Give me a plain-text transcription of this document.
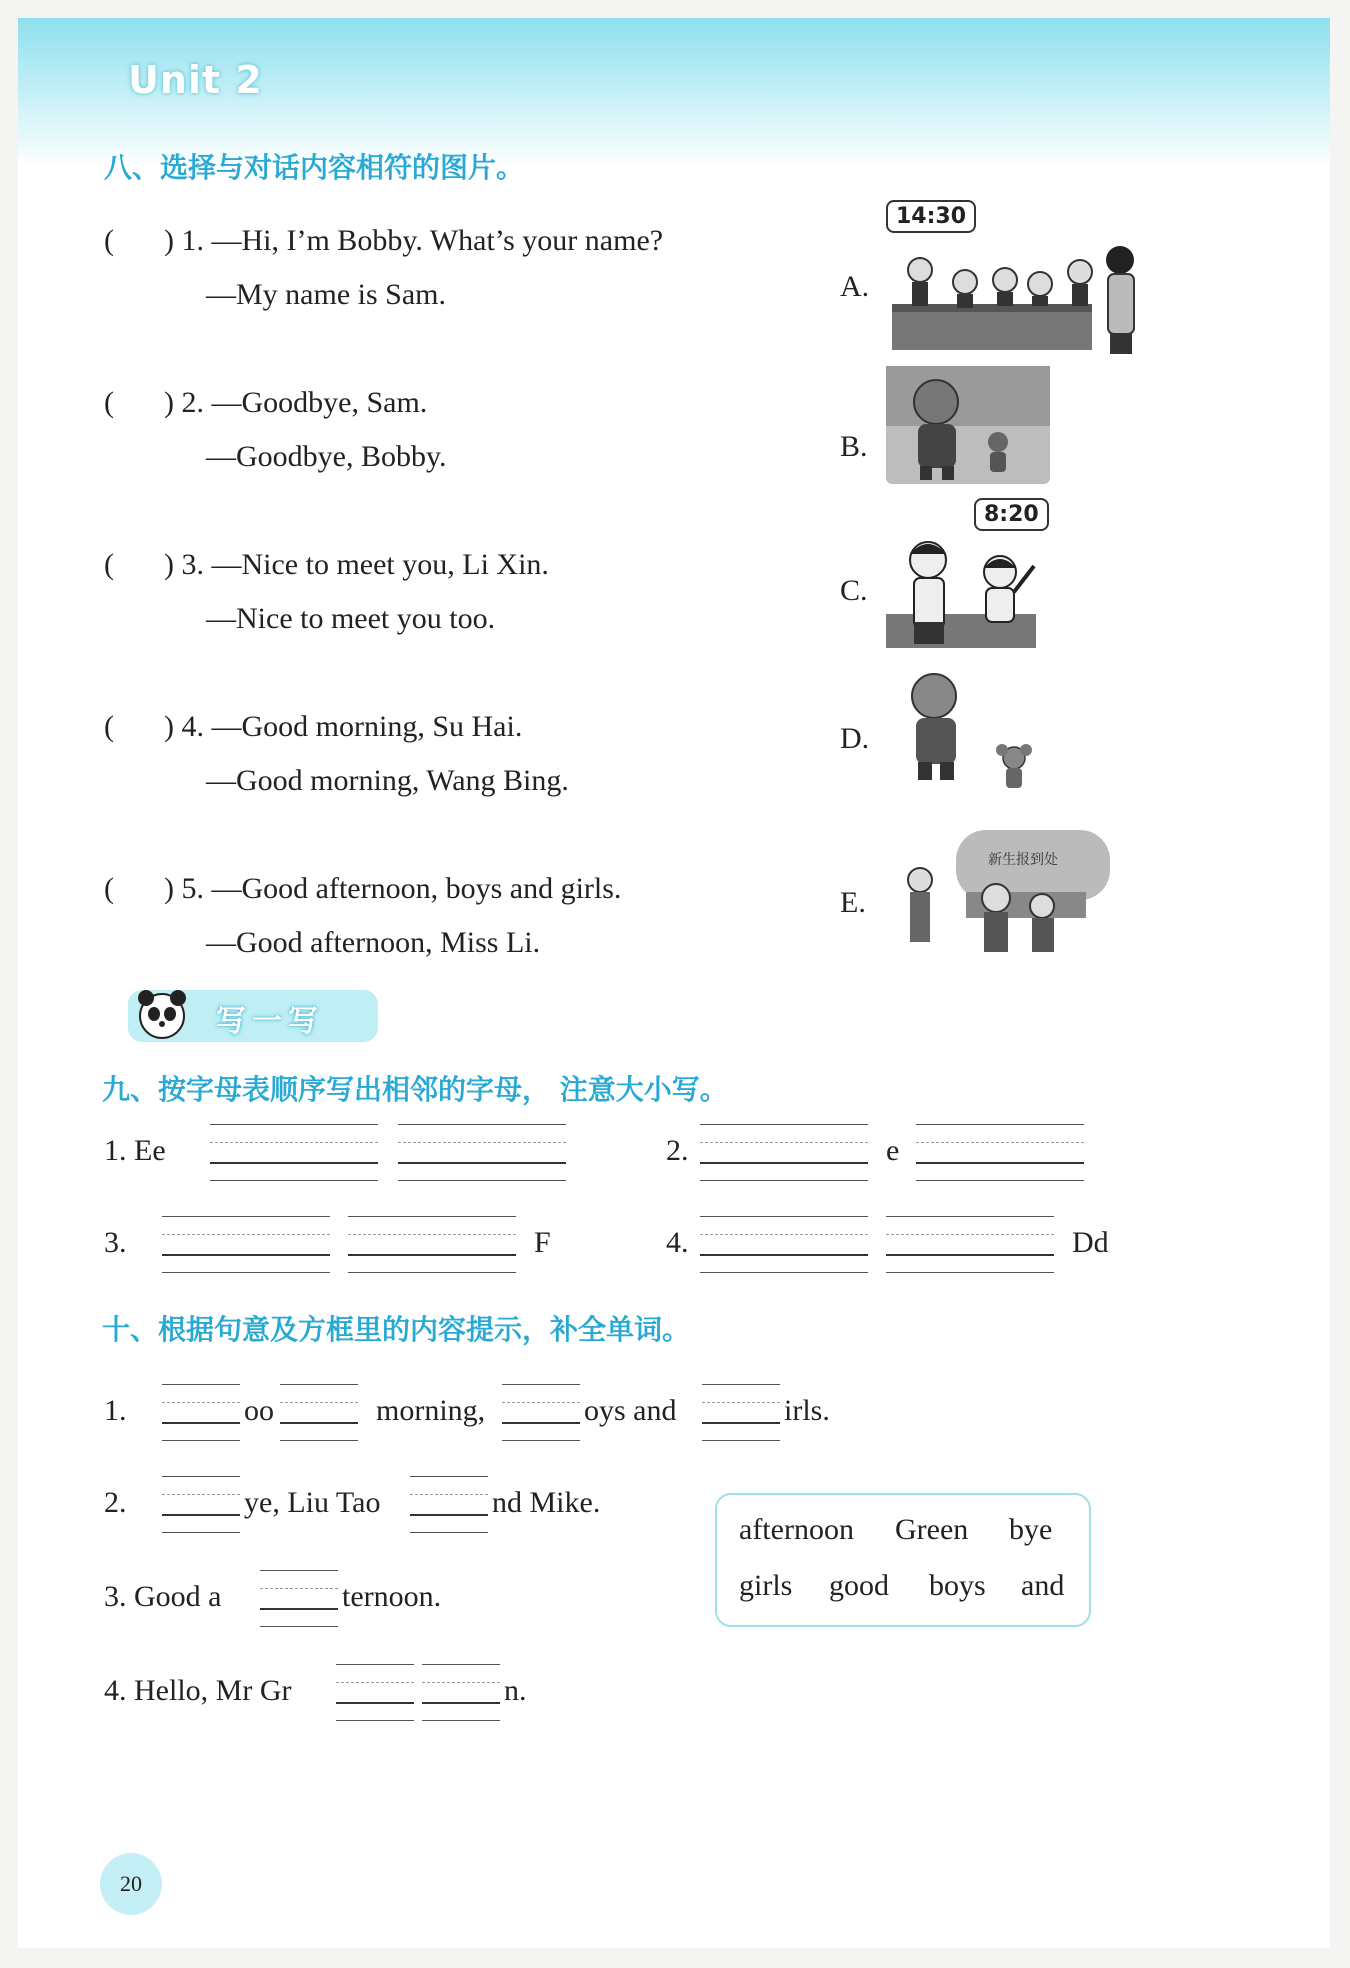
Unit 2
八、选择与对话内容相符的图片。
( ) 1. —Hi, I’m Bobby. What’s your name?
—My name is Sam.
( ) 2. —Goodbye, Sam.
—Goodbye, Bobby.
( ) 3. —Nice to meet you, Li Xin.
—Nice to meet you too.
( ) 4. —Good morning, Su Hai.
—Good morning, Wang Bing.
( ) 5. —Good afternoon, boys and girls.
—Good afternoon, Miss Li.
A.
14:30
B.
8:20
C.
D.
E.
新生报到处
写一写
九、按字母表顺序写出相邻的字母， 注意大小写。
1. Ee	2.	e
3.	F	4.	Dd
十、根据句意及方框里的内容提示，补全单词。
1.	oo	morning,	oys and	irls.
2.	ye, Liu Tao	nd Mike.
3. Good a	ternoon.
4. Hello, Mr Gr	n.
afternoon Green bye
girls good boys and
20
